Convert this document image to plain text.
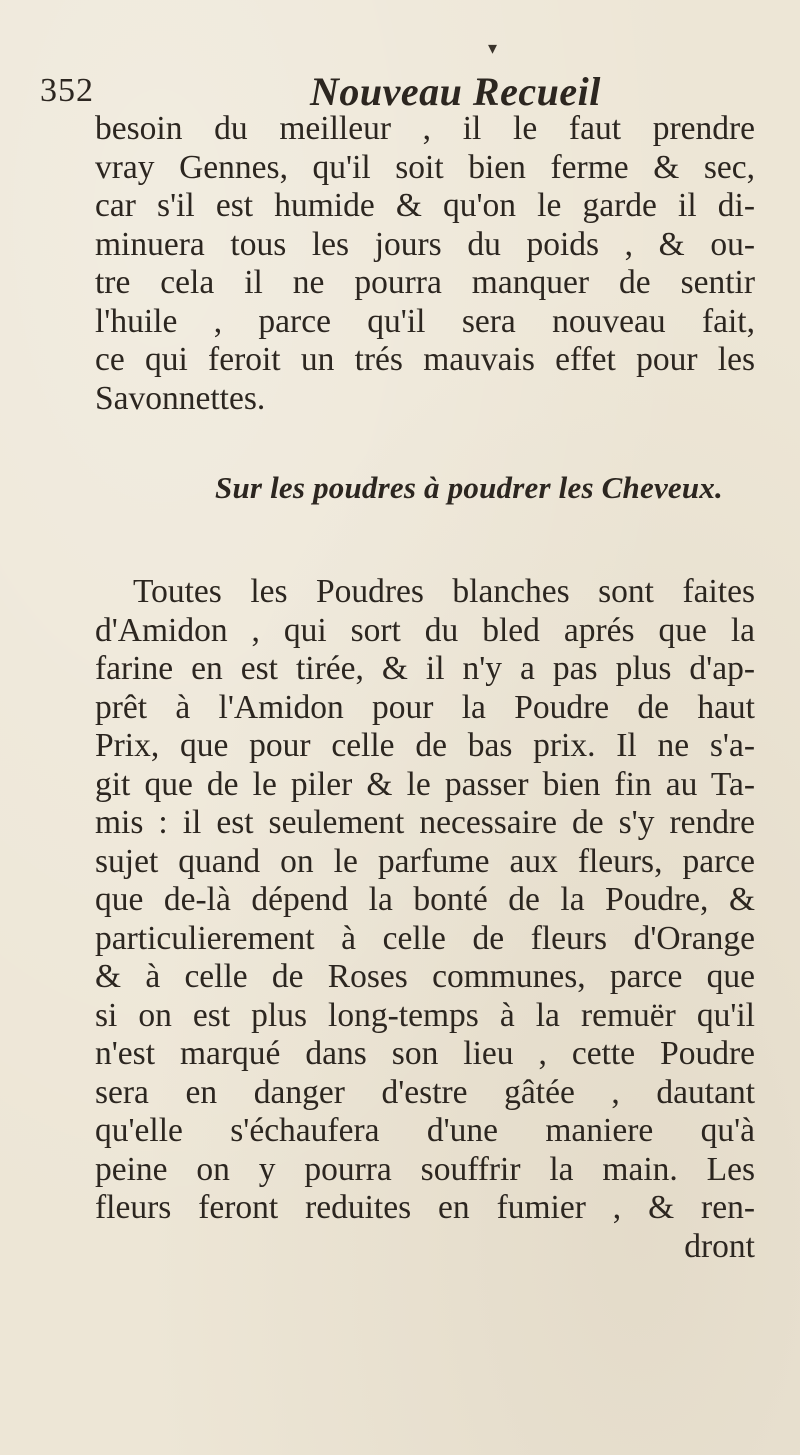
▾
352	Nouveau Recueil
besoin du meilleur , il le faut prendre
vray Gennes, qu'il soit bien ferme & sec,
car s'il est humide & qu'on le garde il di-
minuera tous les jours du poids , & ou-
tre cela il ne pourra manquer de sentir
l'huile , parce qu'il sera nouveau fait,
ce qui feroit un trés mauvais effet pour les
Savonnettes.
Sur les poudres à poudrer les Cheveux.
Toutes les Poudres blanches sont faites
d'Amidon , qui sort du bled aprés que la
farine en est tirée, & il n'y a pas plus d'ap-
prêt à l'Amidon pour la Poudre de haut
Prix, que pour celle de bas prix. Il ne s'a-
git que de le piler & le passer bien fin au Ta-
mis : il est seulement necessaire de s'y rendre
sujet quand on le parfume aux fleurs, parce
que de-là dépend la bonté de la Poudre, &
particulierement à celle de fleurs d'Orange
& à celle de Roses communes, parce que
si on est plus long-temps à la remuër qu'il
n'est marqué dans son lieu , cette Poudre
sera en danger d'estre gâtée , dautant
qu'elle s'échaufera d'une maniere qu'à
peine on y pourra souffrir la main. Les
fleurs feront reduites en fumier , & ren-
dront
